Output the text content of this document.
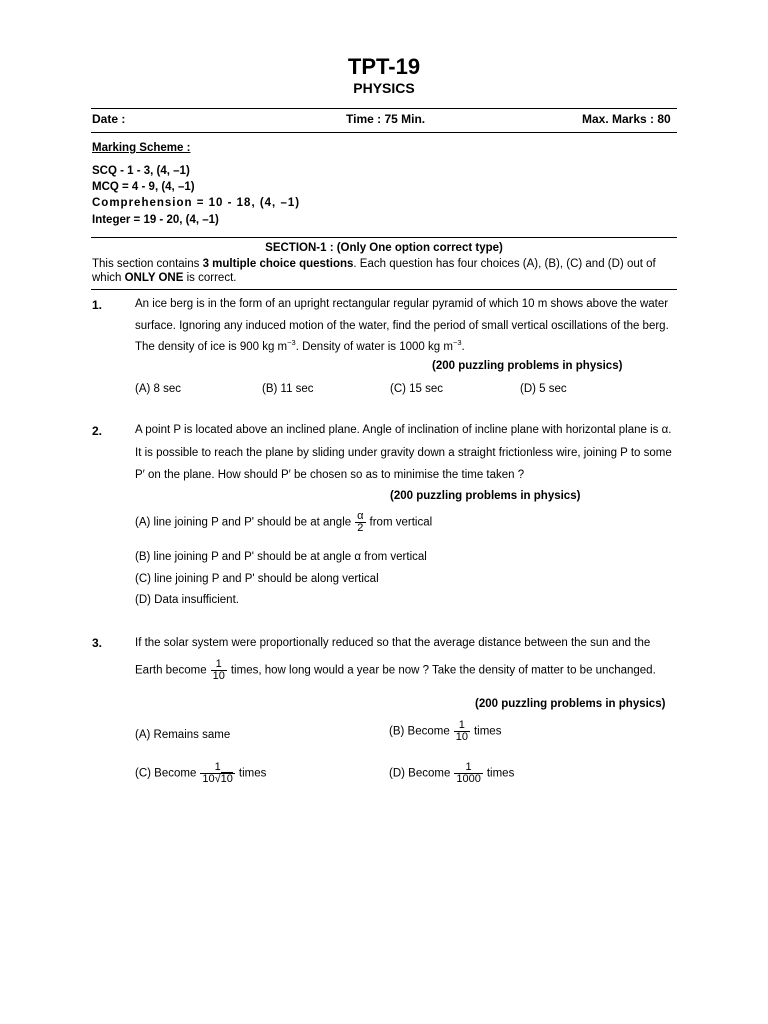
TPT-19
PHYSICS
Date :	Time : 75 Min.	Max. Marks : 80
Marking Scheme :
SCQ - 1 - 3, (4, –1)
MCQ = 4 - 9, (4, –1)
Comprehension = 10 - 18, (4, –1)
Integer = 19 - 20, (4, –1)
SECTION-1 : (Only One option correct type)
This section contains 3 multiple choice questions. Each question has four choices (A), (B), (C) and (D) out of which ONLY ONE is correct.
1.	An ice berg is in the form of an upright rectangular regular pyramid of which 10 m shows above the water surface. Ignoring any induced motion of the water, find the period of small vertical oscillations of the berg. The density of ice is 900 kg $m^{-3}$. Density of water is 1000 kg $m^{-3}$.
(200 puzzling problems in physics)
(A) 8 sec	(B) 11 sec	(C) 15 sec	(D) 5 sec
2.	A point P is located above an inclined plane. Angle of inclination of incline plane with horizontal plane is α. It is possible to reach the plane by sliding under gravity down a straight frictionless wire, joining P to some P′ on the plane. How should P′ be chosen so as to minimise the time taken ?
(200 puzzling problems in physics)
(A) line joining P and P' should be at angle $\frac{\alpha}{2}$ from vertical
(B) line joining P and P' should be at angle α from vertical
(C) line joining P and P' should be along vertical
(D) Data insufficient.
3.	If the solar system were proportionally reduced so that the average distance between the sun and the
Earth become $\frac{1}{10}$ times, how long would a year be now ? Take the density of matter to be unchanged.
(200 puzzling problems in physics)
(A) Remains same	(B) Become $\frac{1}{10}$ times
(C) Become $\frac{1}{10√10}$ times	(D) Become $\frac{1}{1000}$ times
